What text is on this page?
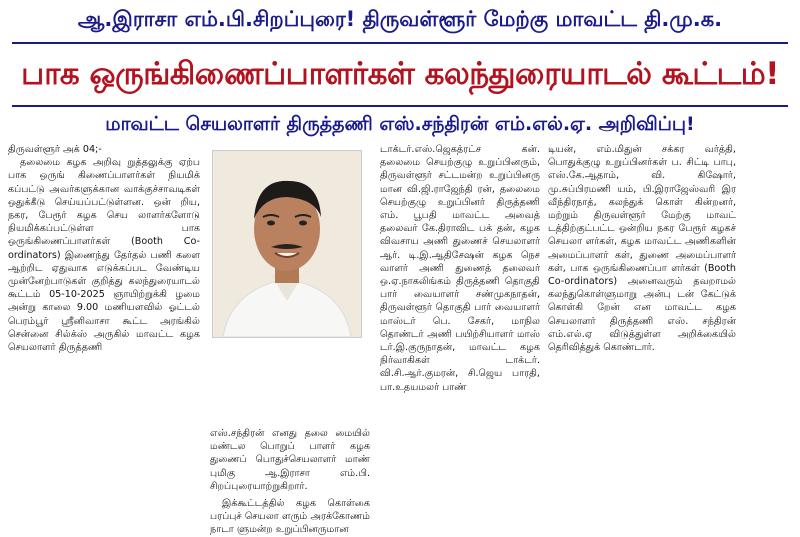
ஆ.இராசா எம்.பி.சிறப்புரை! திருவள்ளூர் மேற்கு மாவட்ட தி.மு.க.
பாக ஒருங்கிணைப்பாளர்கள் கலந்துரையாடல் கூட்டம்!
மாவட்ட செயலாளர் திருத்தணி எஸ்.சந்திரன் எம்.எல்.ஏ. அறிவிப்பு!

திருவள்ளூர் அக் 04;-

தலைமை கழக அறிவு றுத்தலுக்கு ஏற்ப பாக ஒருங் கிணைப்பாளர்கள் நியமிக் கப்பட்டு அவர்களுக்கான வாக்குச்சாவடிகள் ஒதுக்கீடு செய்யப்பட்டுள்ளன. ஒன் றிய, நகர, பேரூர் கழக செய லாளர்களோடு நியமிக்கப்பட்டுள்ள பாக ஒருங்கிணைப்பாளர்கள் (Booth Co-ordinators) இணைந்து தேர்தல் பணி களை ஆற்றிட ஏதுவாக எடுக்கப்பட வேண்டிய முன்னேற்பாடுகள் குறித்து கலந்துரையாடல் கூட்டம் 05-10-2025 ஞாயிற்றுக்கி ழமை அன்று காலை 9.00 மணியளவில் ஓட்டல் பெரம்பூர் ஸ்ரீனிவாசா கூட்ட அரங்கில் சென்னை சில்க்ஸ் அருகில் மாவட்ட கழக செயலாளர் திருத்தணி

எஸ்.சந்திரன் எனது தலை மையில் மண்டல பொறுப் பாளர் கழக துணைப் பொதுச்செயலாளர் மாண் புமிகு ஆ.இராசா எம்.பி. சிறப்புரையாற்றுகிறார்.

இக்கூட்டத்தில் கழக கொள்கை பரப்புச் செயலா ளரும் அரக்கோணம் நாடா ளுமன்ற உறுப்பினருமான

டாக்டர்.எஸ்.ஜெகத்ரட்ச கன். தலைமை செயற்குழு உறுப்பினரும், திருவள்ளூர் சட்டமன்ற உறுப்பினரு மான வி.ஜி.ராஜேந்தி ரன், தலைமை செயற்குழு உறுப்பினர் திருத்தணி எம். பூபதி மாவட்ட அவைத் தலைவர் கே.திராவிட பக் தன், கழக விவசாய அணி துணைச் செயலாளர் ஆர். டி.இ.ஆதிசேஷன் கழக நெச வாளர் அணி துணைத் தலைவர் ஒ.ஏ.நாகலிங்கம் திருத்தணி தொகுதி பார் வையாளர் சண்முகநாதன், திருவள்ளூர் தொகுதி பார் வையாளர் மாஸ்டர் பெ. சேகர், மாநில தொண்டர் அணி பயிற்சியாளர் மாஸ் டர்.இ.குருநாதன், மாவட்ட கழக நிர்வாகிகள் டாக்டர். வி.சி.ஆர்.குமரன், சி.ஜெய பாரதி, பா.உதயமலர் பாண்

டியன், எம்.மிதுன் சக்கர வர்த்தி, பொதுக்குழு உறுப்பினர்கள் ப. சிட்டி பாபு, எஸ்.கே.ஆதாம், வி. கிஷோர், மு.சுப்பிரமணி யம், பி.இராஜேஸ்வரி இர வீந்திரநாத், கலந்துக் கொள் கின்றனர், மற்றும் திருவள்ளூர் மேற்கு மாவட் டத்திற்குட்பட்ட ஒன்றிய நகர பேரூர் கழகச் செயலா ளர்கள், கழக மாவட்ட அணிகளின் அமைப்பாளர் கள், துணை அமைப்பாளர் கள், பாக ஒருங்கிணைப்பா ளர்கள் (Booth Co-ordinators) அனைவரும் தவறாமல் கலந்துகொள்ளுமாறு அன்பு டன் கேட்டுக் கொள்கி றேன் என மாவட்ட கழக செயலாளர் திருத்தணி எஸ். சந்திரன் எம்.எல்.ஏ விடுத்துள்ள அறிக்கையில் தெரிவித்துக் கொண்டார்.
